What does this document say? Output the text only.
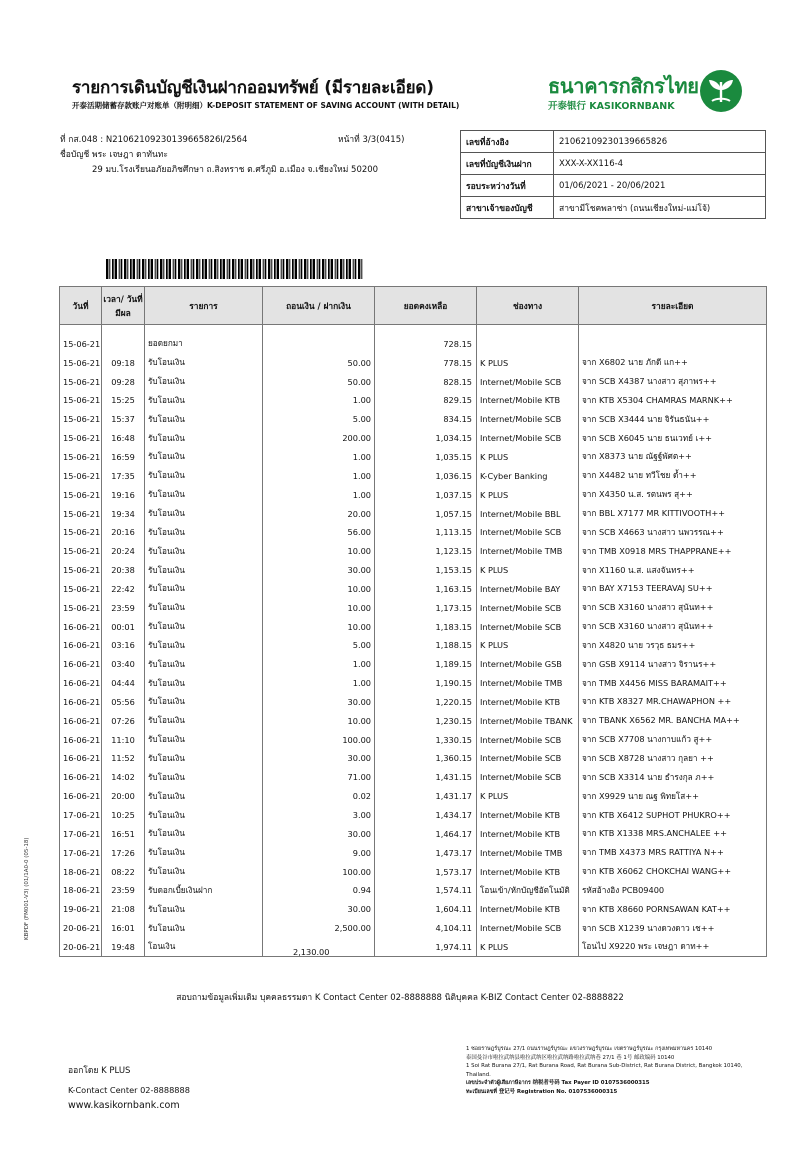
รายการเดินบัญชีเงินฝากออมทรัพย์ (มีรายละเอียด)
开泰活期储蓄存款账户对账单（附明细）K-DEPOSIT STATEMENT OF SAVING ACCOUNT (WITH DETAIL)
ธนาคารกสิกรไทย
开泰银行 KASIKORNBANK
ที่ กส.048 : N210621092301396658​26I/2564	หน้าที่ 3/3(0415)
ชื่อบัญชี พระ เจษฎา ดาทันทะ
29 มบ.โรงเรียนอภัยอภิชศึกษา ถ.สิงหราช ต.ศรีภูมิ อ.เมือง จ.เชียงใหม่ 50200
เลขที่อ้างอิง	210621092301396658​26
เลขที่บัญชีเงินฝาก	XXX-X-XX116-4
รอบระหว่างวันที่	01/06/2021 - 20/06/2021
สาขาเจ้าของบัญชี	สาขามีโชคพลาซ่า (ถนนเชียงใหม่-แม่โจ้)
วันที่	เวลา/ วันที่มีผล	รายการ	ถอนเงิน / ฝากเงิน	ยอดคงเหลือ	ช่องทาง	รายละเอียด

15-06-21		ยอดยกมา		728.15		
15-06-21	09:18	รับโอนเงิน	50.00	778.15	K PLUS	จาก X6802 นาย ภักดี แก++
15-06-21	09:28	รับโอนเงิน	50.00	828.15	Internet/Mobile SCB	จาก SCB X4387 นางสาว สุภาพร++
15-06-21	15:25	รับโอนเงิน	1.00	829.15	Internet/Mobile KTB	จาก KTB X5304 CHAMRAS MARNK++
15-06-21	15:37	รับโอนเงิน	5.00	834.15	Internet/Mobile SCB	จาก SCB X3444 นาย จิรันธนัน++
15-06-21	16:48	รับโอนเงิน	200.00	1,034.15	Internet/Mobile SCB	จาก SCB X6045 นาย ธนเวทย์ เ++
15-06-21	16:59	รับโอนเงิน	1.00	1,035.15	K PLUS	จาก X8373 นาย ณัฐฐ์พัศต++
15-06-21	17:35	รับโอนเงิน	1.00	1,036.15	K-Cyber Banking	จาก X4482 นาย ทวีโชย ด้ำ++
15-06-21	19:16	รับโอนเงิน	1.00	1,037.15	K PLUS	จาก X4350 น.ส. รตนพร สุ++
15-06-21	19:34	รับโอนเงิน	20.00	1,057.15	Internet/Mobile BBL	จาก BBL X7177 MR KITTIVOOTH++
15-06-21	20:16	รับโอนเงิน	56.00	1,113.15	Internet/Mobile SCB	จาก SCB X4663 นางสาว นพวรรณ++
15-06-21	20:24	รับโอนเงิน	10.00	1,123.15	Internet/Mobile TMB	จาก TMB X0918 MRS THAPPRANE++
15-06-21	20:38	รับโอนเงิน	30.00	1,153.15	K PLUS	จาก X1160 น.ส. แสงจันทร++
15-06-21	22:42	รับโอนเงิน	10.00	1,163.15	Internet/Mobile BAY	จาก BAY X7153 TEERAVAJ SU++
15-06-21	23:59	รับโอนเงิน	10.00	1,173.15	Internet/Mobile SCB	จาก SCB X3160 นางสาว สุนันท++
16-06-21	00:01	รับโอนเงิน	10.00	1,183.15	Internet/Mobile SCB	จาก SCB X3160 นางสาว สุนันท++
16-06-21	03:16	รับโอนเงิน	5.00	1,188.15	K PLUS	จาก X4820 นาย วรวุธ ธมร++
16-06-21	03:40	รับโอนเงิน	1.00	1,189.15	Internet/Mobile GSB	จาก GSB X9114 นางสาว จิรานร++
16-06-21	04:44	รับโอนเงิน	1.00	1,190.15	Internet/Mobile TMB	จาก TMB X4456 MISS BARAMAIT++
16-06-21	05:56	รับโอนเงิน	30.00	1,220.15	Internet/Mobile KTB	จาก KTB X8327 MR.CHAWAPHON ++
16-06-21	07:26	รับโอนเงิน	10.00	1,230.15	Internet/Mobile TBANK	จาก TBANK X6562 MR. BANCHA MA++
16-06-21	11:10	รับโอนเงิน	100.00	1,330.15	Internet/Mobile SCB	จาก SCB X7708 นางกาบแก้ว สู++
16-06-21	11:52	รับโอนเงิน	30.00	1,360.15	Internet/Mobile SCB	จาก SCB X8728 นางสาว กุลยา ++
16-06-21	14:02	รับโอนเงิน	71.00	1,431.15	Internet/Mobile SCB	จาก SCB X3314 นาย ธำรงกุล ภ++
16-06-21	20:00	รับโอนเงิน	0.02	1,431.17	K PLUS	จาก X9929 นาย ณฐ พิทยโส++
17-06-21	10:25	รับโอนเงิน	3.00	1,434.17	Internet/Mobile KTB	จาก KTB X6412 SUPHOT PHUKRO++
17-06-21	16:51	รับโอนเงิน	30.00	1,464.17	Internet/Mobile KTB	จาก KTB X1338 MRS.ANCHALEE ++
17-06-21	17:26	รับโอนเงิน	9.00	1,473.17	Internet/Mobile TMB	จาก TMB X4373 MRS RATTIYA N++
18-06-21	08:22	รับโอนเงิน	100.00	1,573.17	Internet/Mobile KTB	จาก KTB X6062 CHOKCHAI WANG++
18-06-21	23:59	รับดอกเบี้ยเงินฝาก	0.94	1,574.11	โอนเข้า/หักบัญชีอัตโนมัติ	รหัสอ้างอิง PCB09400
19-06-21	21:08	รับโอนเงิน	30.00	1,604.11	Internet/Mobile KTB	จาก KTB X8660 PORNSAWAN KAT++
20-06-21	16:01	รับโอนเงิน	2,500.00	4,104.11	Internet/Mobile SCB	จาก SCB X1239 นางดวงดาว เช++
20-06-21	19:48	โอนเงิน	2,130.00	1,974.11	K PLUS	โอนไป X9220 พระ เจษฎา ดาท++
สอบถามข้อมูลเพิ่มเติม บุคคลธรรมดา K Contact Center 02-8888888 นิติบุคคล K-BIZ Contact Center 02-8888822
KBPDF (FM001-V3) (01/1A0-0 (05-18)
ออกโดย K PLUS
K-Contact Center 02-8888888
www.kasikornbank.com
1 ซอยราษฎร์บูรณะ 27/1 ถนนราษฎร์บูรณะ แขวงราษฎร์บูรณะ เขตราษฎร์บูรณะ กรุงเทพมหานคร 10140
泰国曼谷市啦拉武纳县啦拉武纳区啦拉武纳路啦拉武纳巷 27/1 巷 1号 邮政编码 10140
1 Soi Rat Burana 27/1, Rat Burana Road, Rat Burana Sub-District, Rat Burana District, Bangkok 10140, Thailand.
เลขประจำตัวผู้เสียภาษีอากร 纳税者号码 Tax Payer ID 0107536000315
ทะเบียนเลขที่ 登记号 Registration No. 0107536000315
